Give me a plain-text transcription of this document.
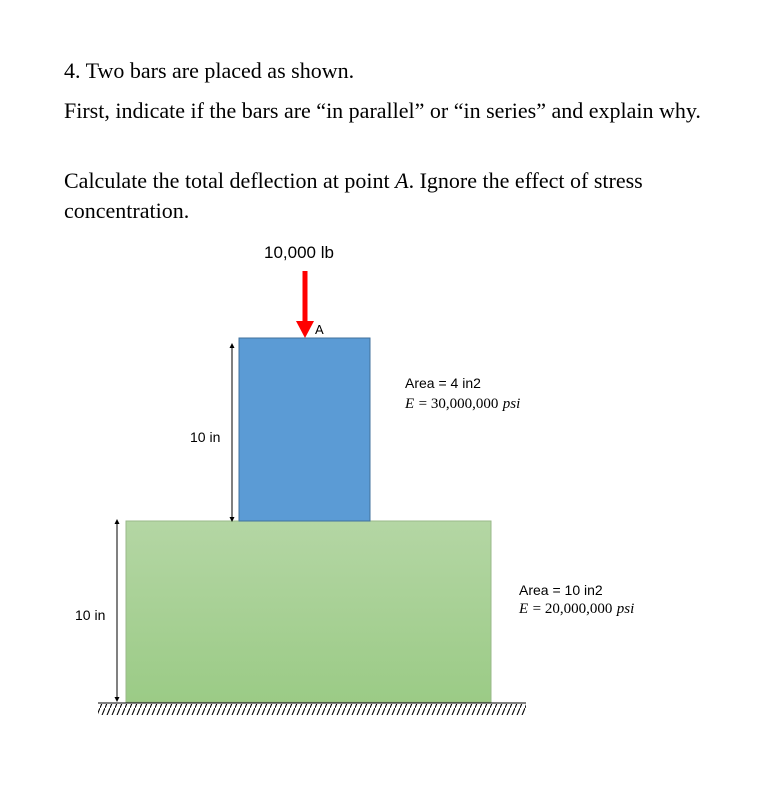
4. Two bars are placed as shown.
First, indicate if the bars are “in parallel” or “in series” and explain why.
Calculate the total deflection at point A. Ignore the effect of stress concentration.
10,000 lb
A
10 in
Area = 4 in2
E = 30,000,000 psi
10 in
Area = 10 in2
E = 20,000,000 psi
